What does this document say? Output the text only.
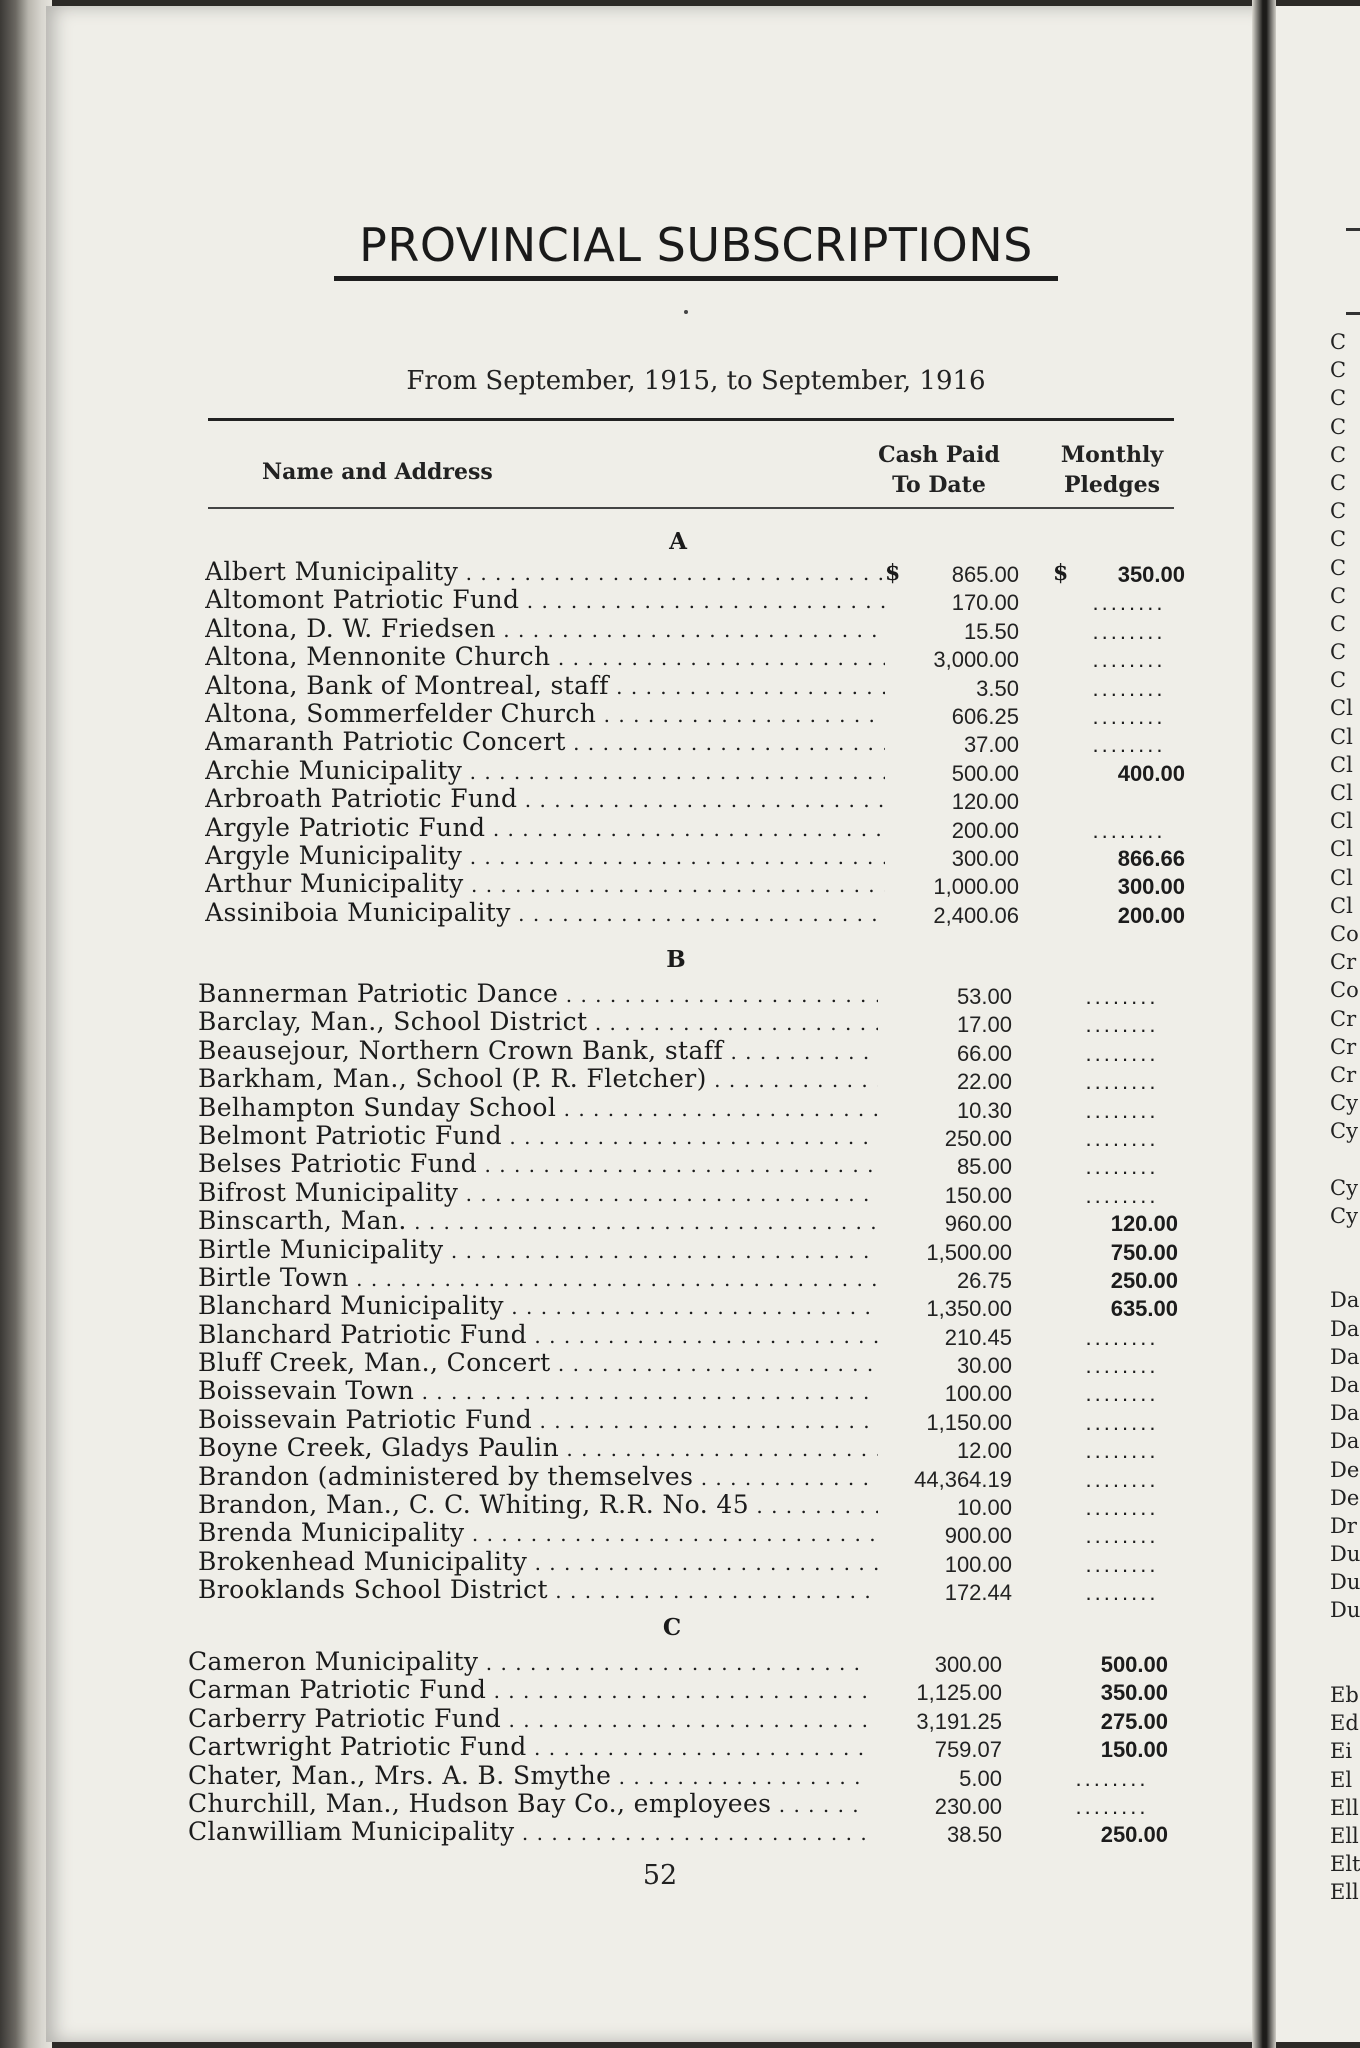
C
C
C
C
C
C
C
C
C
C
C
C
C
Cl
Cl
Cl
Cl
Cl
Cl
Cl
Cl
Co
Cr
Co
Cr
Cr
Cr
Cy
Cy
Cy
Cy
Da
Da
Da
Da
Da
Da
De
De
Dr
Du
Du
Du
Eb
Ed
Ei
El
Ell
Ell
Elt
Ell
PROVINCIAL SUBSCRIPTIONS
From September, 1915, to September, 1916
Name and Address
Cash Paid
To Date
Monthly
Pledges
A
Albert Municipality . . .	$	865.00 $	350.00
Altomont Patriotic Fund . . .	170.00	........
Altona, D. W. Friedsen . . .	15.50	........
Altona, Mennonite Church . . .	3,000.00	........
Altona, Bank of Montreal, staff . . .	3.50	........
Altona, Sommerfelder Church . . .	606.25	........
Amaranth Patriotic Concert . . .	37.00	........
Archie Municipality . . .	500.00	400.00
Arbroath Patriotic Fund . . .	120.00
Argyle Patriotic Fund . . .	200.00	........
Argyle Municipality . . .	300.00	866.66
Arthur Municipality . . .	1,000.00	300.00
Assiniboia Municipality . . .	2,400.06	200.00
B
Bannerman Patriotic Dance . . .	53.00	........
Barclay, Man., School District . . .	17.00	........
Beausejour, Northern Crown Bank, staff . . .	66.00	........
Barkham, Man., School (P. R. Fletcher) . . .	22.00	........
Belhampton Sunday School . . .	10.30	........
Belmont Patriotic Fund . . .	250.00	........
Belses Patriotic Fund . . .	85.00	........
Bifrost Municipality . . .	150.00	........
Binscarth, Man. . . .	960.00	120.00
Birtle Municipality . . .	1,500.00	750.00
Birtle Town . . .	26.75	250.00
Blanchard Municipality . . .	1,350.00	635.00
Blanchard Patriotic Fund . . .	210.45	........
Bluff Creek, Man., Concert . . .	30.00	........
Boissevain Town . . .	100.00	........
Boissevain Patriotic Fund . . .	1,150.00	........
Boyne Creek, Gladys Paulin . . .	12.00	........
Brandon (administered by themselves . . .	44,364.19	........
Brandon, Man., C. C. Whiting, R.R. No. 45 . . .	10.00	........
Brenda Municipality . . .	900.00	........
Brokenhead Municipality . . .	100.00	........
Brooklands School District . . .	172.44	........
C
Cameron Municipality . . .	300.00	500.00
Carman Patriotic Fund . . .	1,125.00	350.00
Carberry Patriotic Fund . . .	3,191.25	275.00
Cartwright Patriotic Fund . . .	759.07	150.00
Chater, Man., Mrs. A. B. Smythe . . .	5.00	........
Churchill, Man., Hudson Bay Co., employees . . .	230.00	........
Clanwilliam Municipality . . .	38.50	250.00
52
